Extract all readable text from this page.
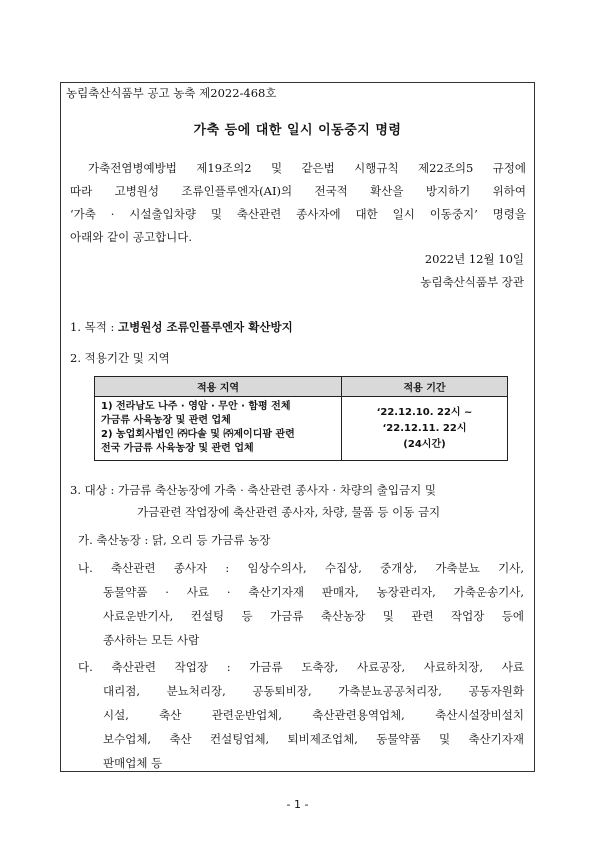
농림축산식품부 공고 농축 제2022-468호
가축 등에 대한 일시 이동중지 명령
가축전염병예방법 제19조의2 및 같은법 시행규칙 제22조의5 규정에
따라 고병원성 조류인플루엔자(AI)의 전국적 확산을 방지하기 위하여
‘가축 · 시설출입차량 및 축산관련 종사자에 대한 일시 이동중지’ 명령을
아래와 같이 공고합니다.
2022년 12월 10일
농림축산식품부 장관
1. 목적 : 고병원성 조류인플루엔자 확산방지
2. 적용기간 및 지역
적용 지역	적용 기간

1) 전라남도 나주 · 영암 · 무안 · 함평 전체
가금류 사육농장 및 관련 업체
2) 농업회사법인 ㈜다솔 및 ㈜제이디팜 관련
전국 가금류 사육농장 및 관련 업체	‘22.12.10. 22시 ~
‘22.12.11. 22시
(24시간)
3. 대상 : 가금류 축산농장에 가축 · 축산관련 종사자 · 차량의 출입금지 및
가금관련 작업장에 축산관련 종사자, 차량, 물품 등 이동 금지
가. 축산농장 : 닭, 오리 등 가금류 농장
나. 축산관련 종사자 : 임상수의사, 수집상, 중개상, 가축분뇨 기사,
동물약품 · 사료 · 축산기자재 판매자, 농장관리자, 가축운송기사,
사료운반기사, 컨설팅 등 가금류 축산농장 및 관련 작업장 등에
종사하는 모든 사람
다. 축산관련 작업장 : 가금류 도축장, 사료공장, 사료하치장, 사료
대리점, 분뇨처리장, 공동퇴비장, 가축분뇨공공처리장, 공동자원화
시설, 축산 관련운반업체, 축산관련용역업체, 축산시설장비설치
보수업체, 축산 컨설팅업체, 퇴비제조업체, 동물약품 및 축산기자재
판매업체 등
- 1 -
